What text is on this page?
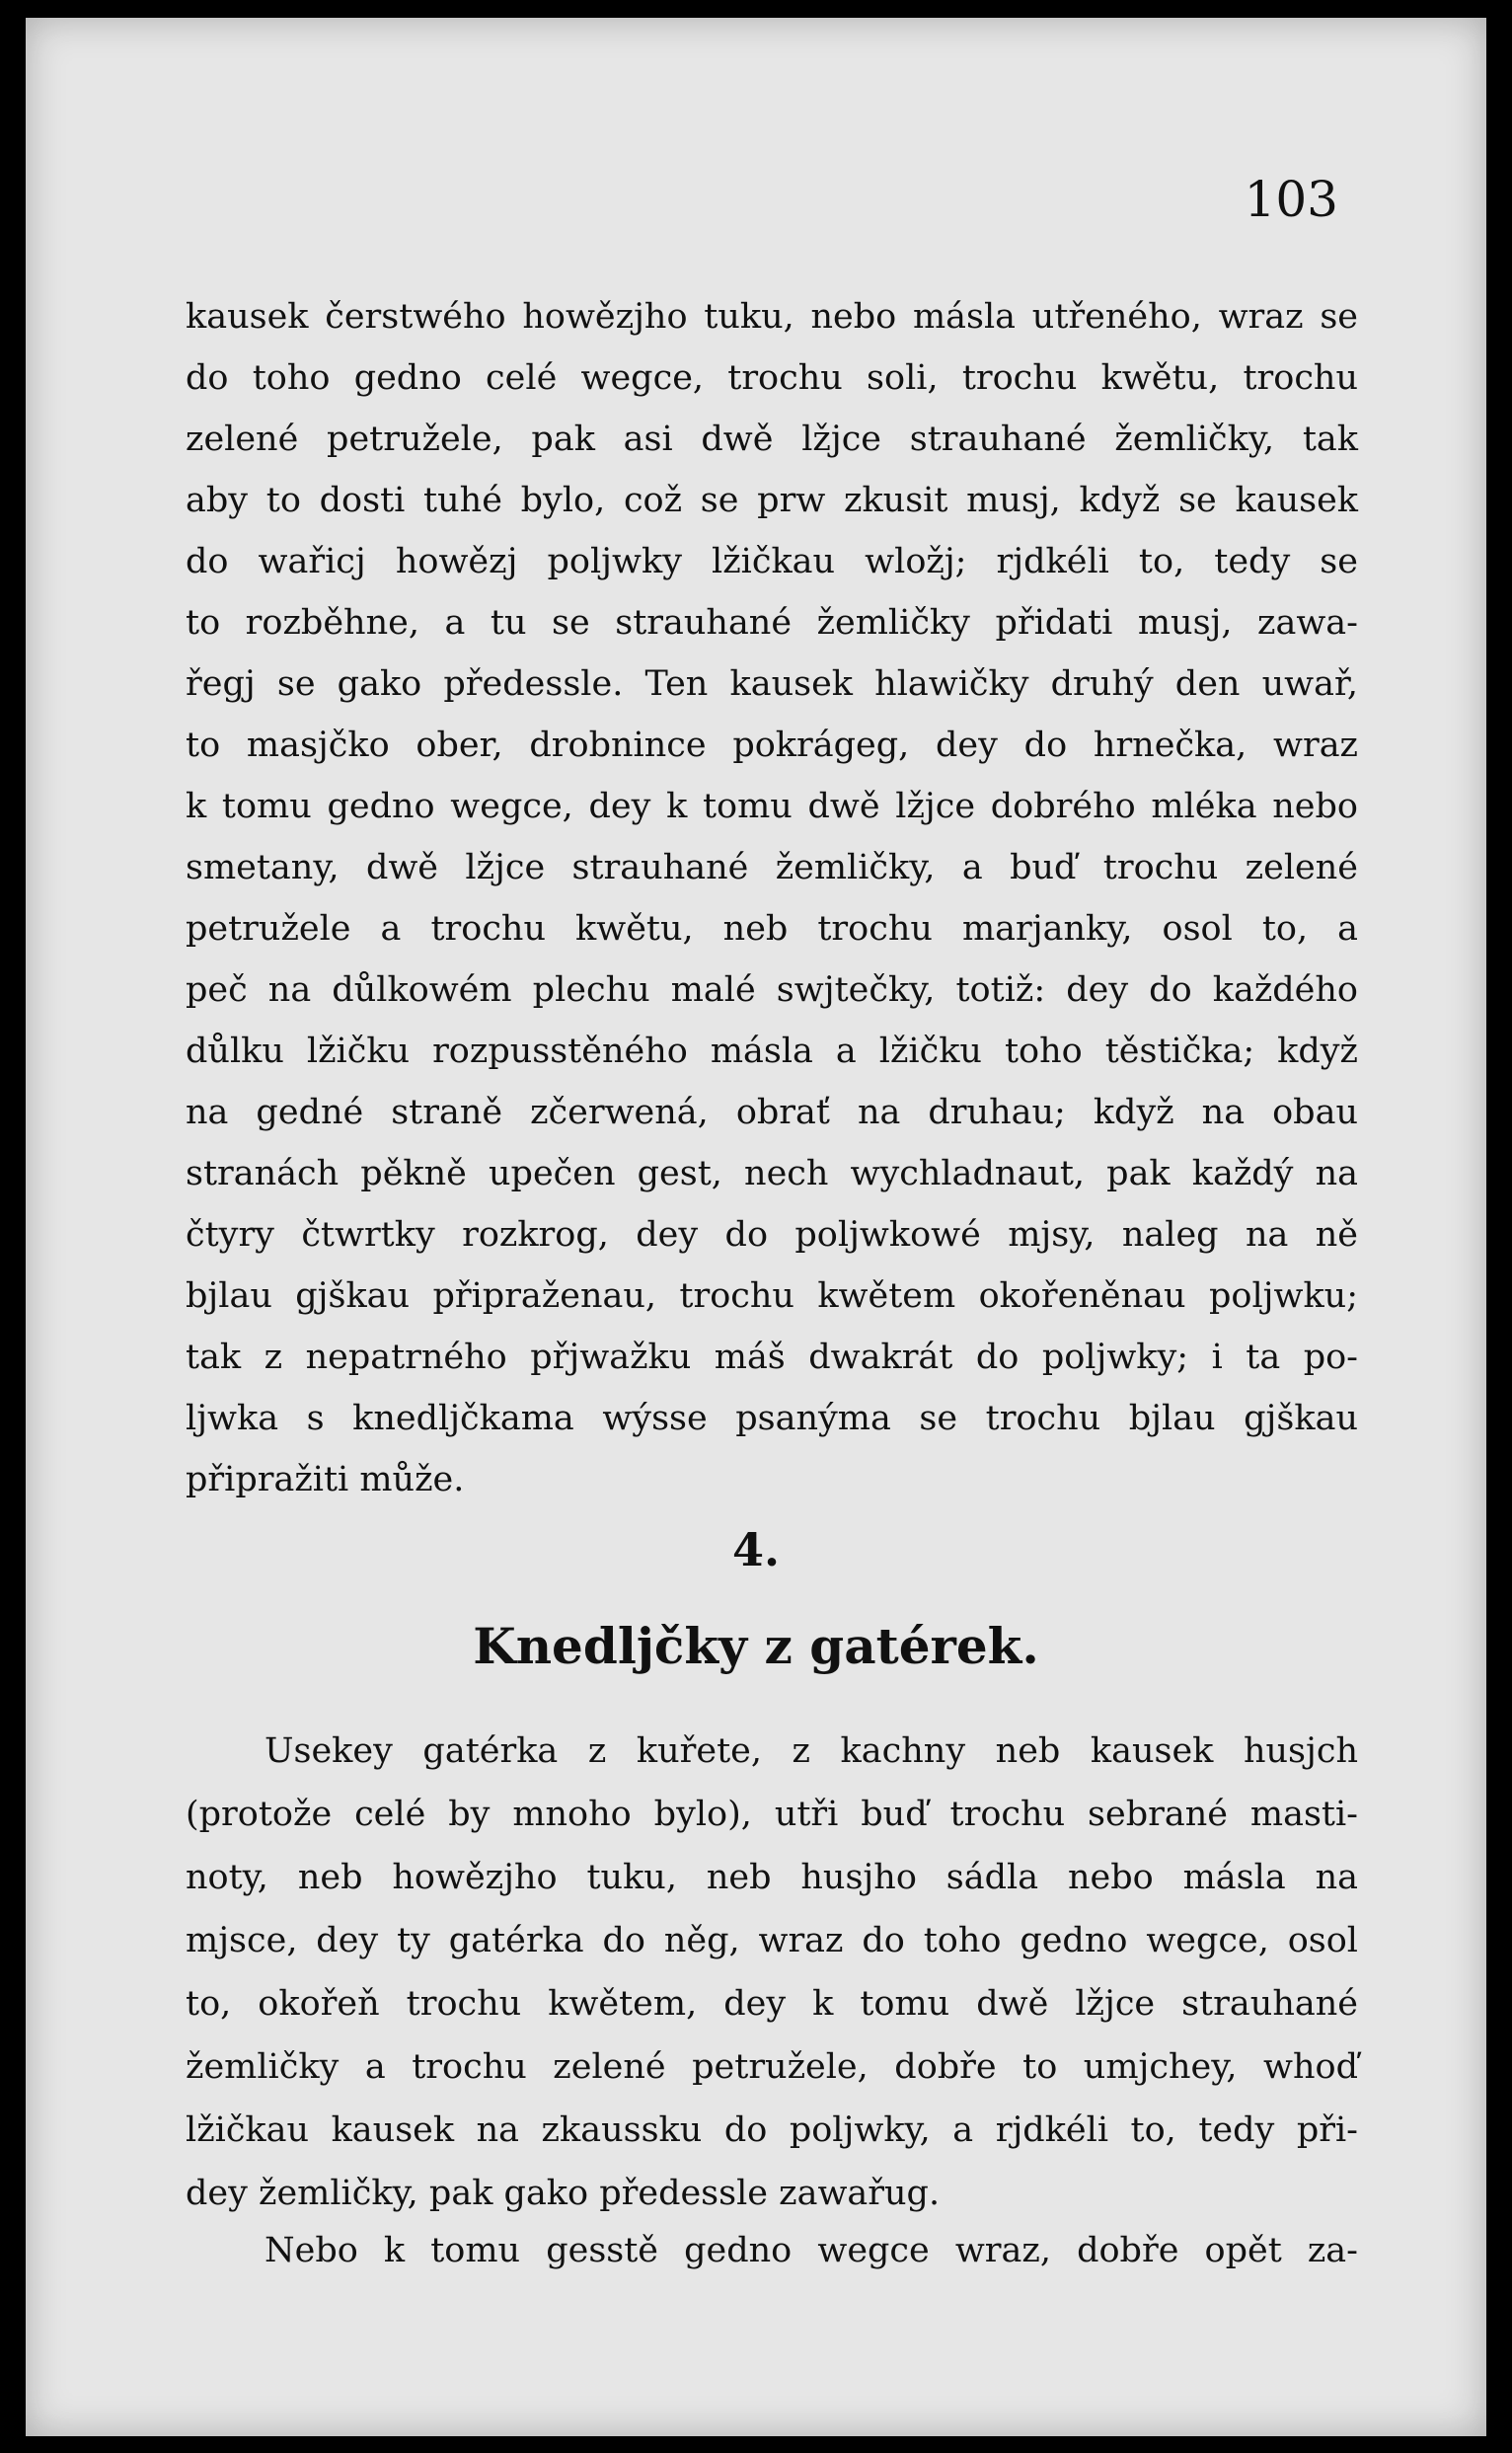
103
kausek čerstwého howězjho tuku, nebo másla utřeného, wraz se
do toho gedno celé wegce, trochu soli, trochu kwětu, trochu
zelené petružele, pak asi dwě lžjce strauhané žemličky, tak
aby to dosti tuhé bylo, což se prw zkusit musj, když se kausek
do wařicj howězj poljwky lžičkau wložj; rjdkéli to, tedy se
to rozběhne, a tu se strauhané žemličky přidati musj, zawa-
řegj se gako předessle. Ten kausek hlawičky druhý den uwař,
to masjčko ober, drobnince pokrágeg, dey do hrnečka, wraz
k tomu gedno wegce, dey k tomu dwě lžjce dobrého mléka nebo
smetany, dwě lžjce strauhané žemličky, a buď trochu zelené
petružele a trochu kwětu, neb trochu marjanky, osol to, a
peč na důlkowém plechu malé swjtečky, totiž: dey do každého
důlku lžičku rozpusstěného másla a lžičku toho těstička; když
na gedné straně zčerwená, obrať na druhau; když na obau
stranách pěkně upečen gest, nech wychladnaut, pak každý na
čtyry čtwrtky rozkrog, dey do poljwkowé mjsy, naleg na ně
bjlau gjškau připraženau, trochu kwětem okořeněnau poljwku;
tak z nepatrného přjwažku máš dwakrát do poljwky; i ta po-
ljwka s knedljčkama wýsse psanýma se trochu bjlau gjškau
připražiti může.
4.
Knedljčky z gatérek.
Usekey gatérka z kuřete, z kachny neb kausek husjch
(protože celé by mnoho bylo), utři buď trochu sebrané masti-
noty, neb howězjho tuku, neb husjho sádla nebo másla na
mjsce, dey ty gatérka do něg, wraz do toho gedno wegce, osol
to, okořeň trochu kwětem, dey k tomu dwě lžjce strauhané
žemličky a trochu zelené petružele, dobře to umjchey, whoď
lžičkau kausek na zkaussku do poljwky, a rjdkéli to, tedy při-
dey žemličky, pak gako předessle zawařug.
Nebo k tomu gesstě gedno wegce wraz, dobře opět za-
